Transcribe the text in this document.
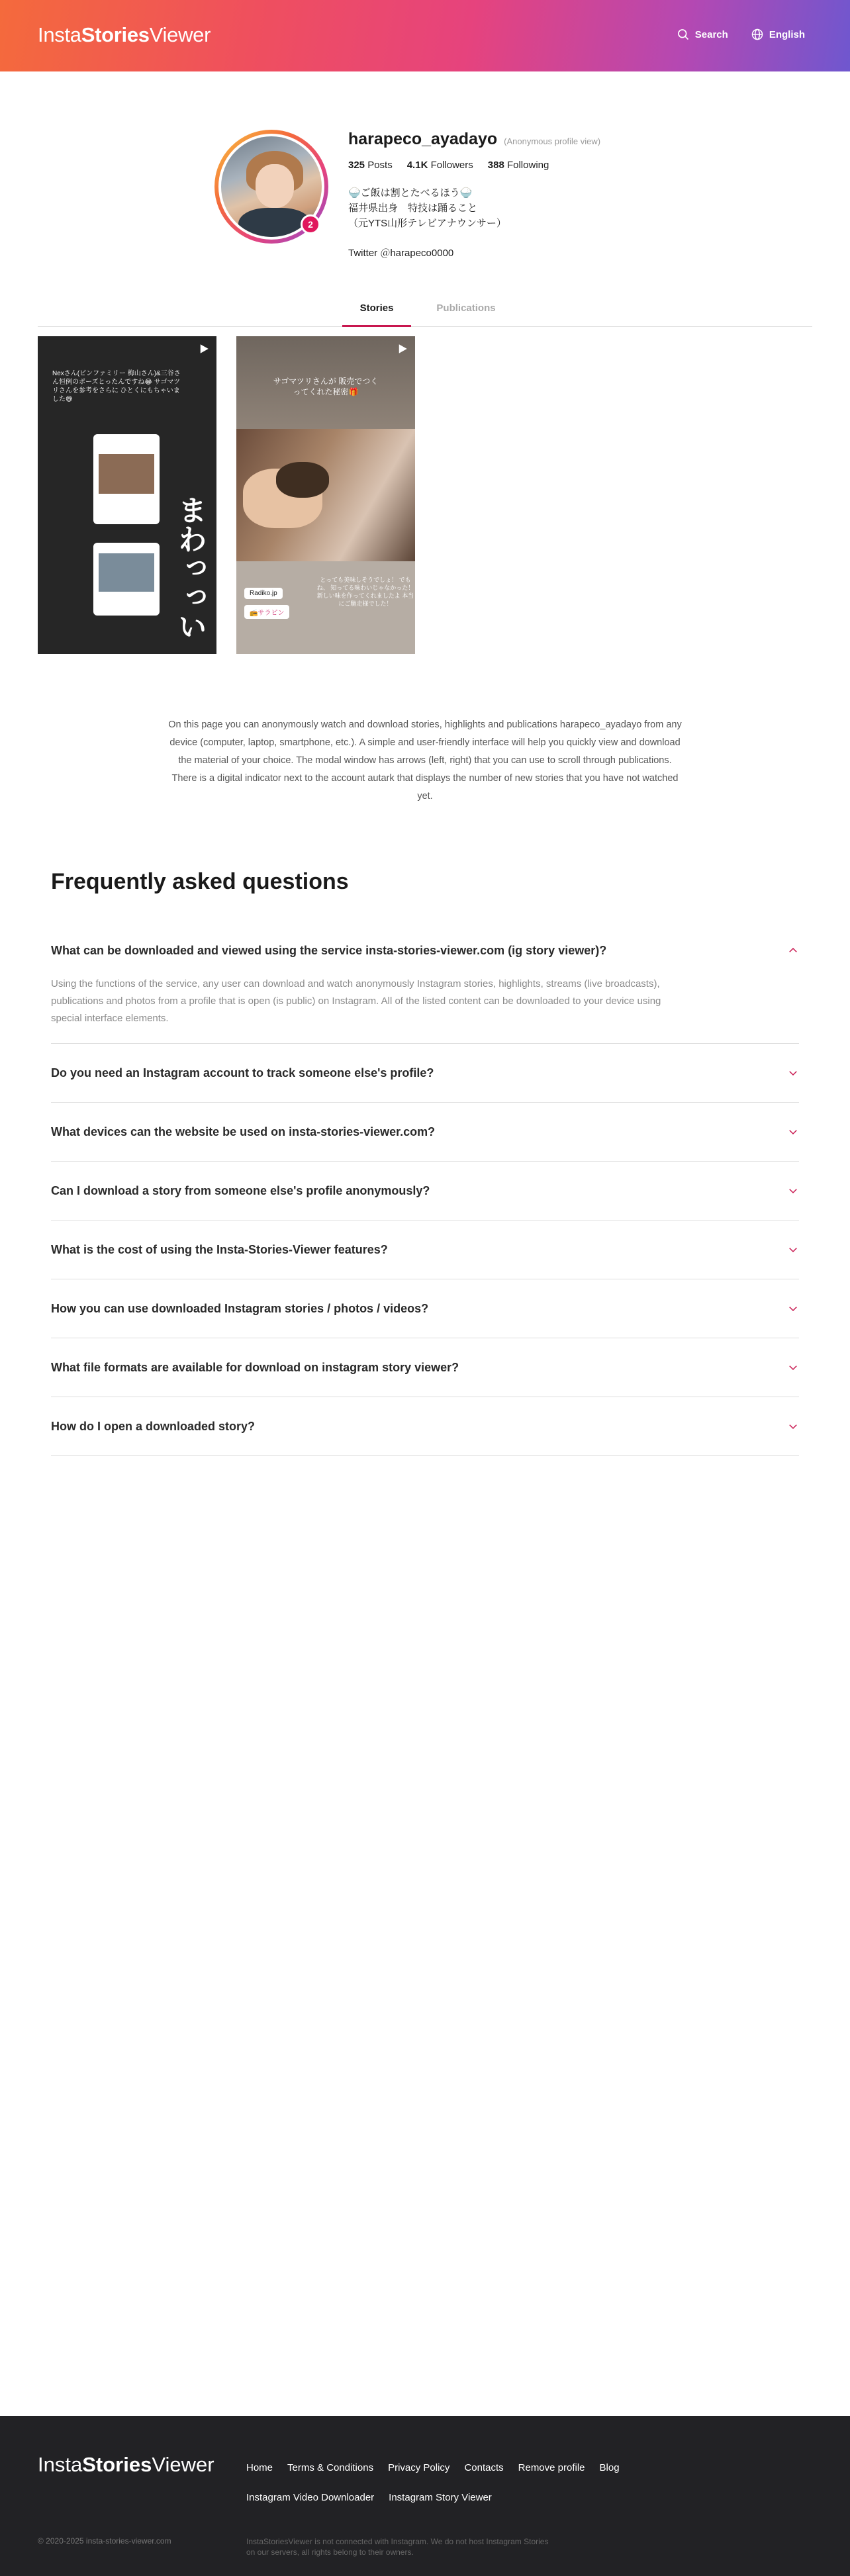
InstaStoriesViewer	Search	English
2
harapeco_ayadayo (Anonymous profile view)
325 Posts 4.1K Followers 388 Following
🍚ご飯は割とたべるほう🍚
福井県出身　特技は踊ること
（元YTS山形テレビアナウンサー）
Twitter ＠harapeco0000
Stories	Publications
Nexさん(ビンファミリー 梅山さん)&三谷さん恒例のポーズとったんですね😂 サゴマツリさんを参考をさらに ひとくにもちゃいました😅
まわっっい
サゴマツリさんが 販売でつくってくれた秘密🎁
とっても美味しそうでしょ！ でもね、 知ってる味わいじゃなかった！ 新しい味を作ってくれましたよ 本当にご馳走様でした！
Radiko.jp
📻サラピン
On this page you can anonymously watch and download stories, highlights and publications harapeco_ayadayo from any device (computer, laptop, smartphone, etc.). A simple and user-friendly interface will help you quickly view and download the material of your choice. The modal window has arrows (left, right) that you can use to scroll through publications. There is a digital indicator next to the account autark that displays the number of new stories that you have not watched yet.
Frequently asked questions
What can be downloaded and viewed using the service insta-stories-viewer.com (ig story viewer)?
Using the functions of the service, any user can download and watch anonymously Instagram stories, highlights, streams (live broadcasts), publications and photos from a profile that is open (is public) on Instagram. All of the listed content can be downloaded to your device using special interface elements.
Do you need an Instagram account to track someone else's profile?
What devices can the website be used on insta-stories-viewer.com?
Can I download a story from someone else's profile anonymously?
What is the cost of using the Insta-Stories-Viewer features?
How you can use downloaded Instagram stories / photos / videos?
What file formats are available for download on instagram story viewer?
How do I open a downloaded story?
InstaStoriesViewer	Home Terms & Conditions Privacy Policy Contacts Remove profile Blog
Instagram Video Downloader Instagram Story Viewer
© 2020-2025 insta-stories-viewer.com	InstaStoriesViewer is not connected with Instagram. We do not host Instagram Stories on our servers, all rights belong to their owners.
